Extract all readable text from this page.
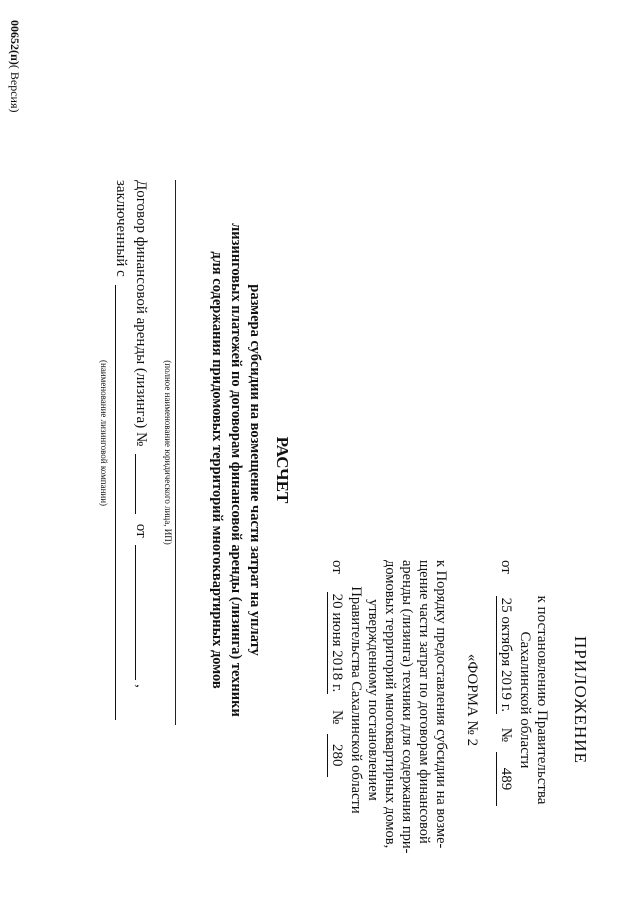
ПРИЛОЖЕНИЕ
к постановлению Правительства
Сахалинской области
от 25 октября 2019 г. № 489
«ФОРМА № 2
к Порядку предоставления субсидии на возме-
щение части затрат по договорам финансовой
аренды (лизинга) техники для содержания при-
домовых территорий многоквартирных домов,
утвержденному постановлением
Правительства Сахалинской области
от 20 июня 2018 г. № 280
РАСЧЕТ
размера субсидии на возмещение части затрат на уплату
лизинговых платежей по договорам финансовой аренды (лизинга) техники
для содержания придомовых территорий многоквартирных домов
(полное наименование юридического лица, ИП)
Договор финансовой аренды (лизинга) №  от  ,
заключенный с
(наименование лизинговой компании)
00652(п)( Версия)
